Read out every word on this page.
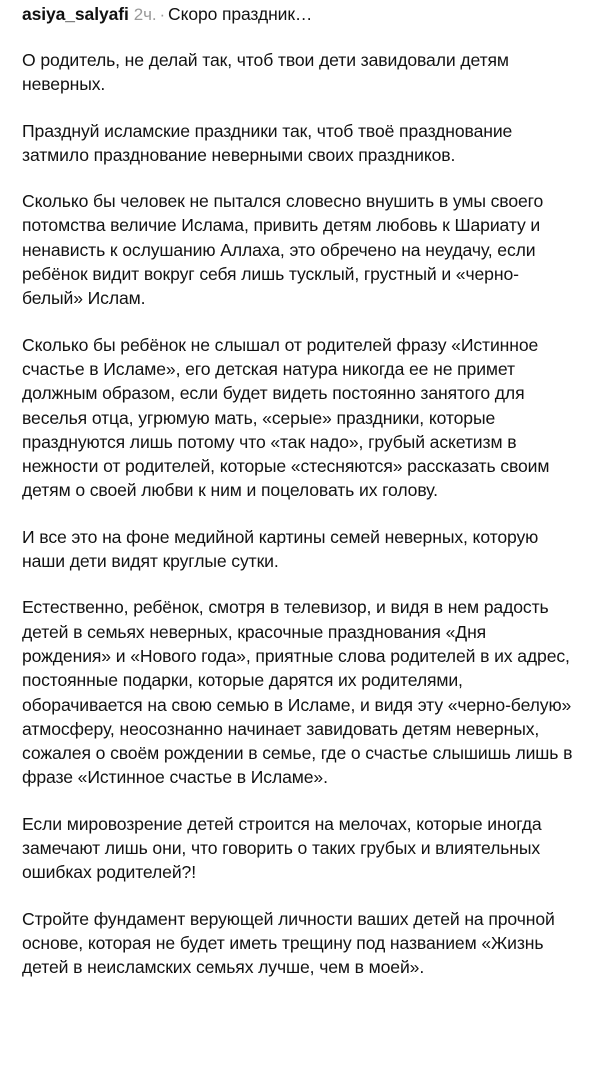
asiya_salyafi 2ч. · Скоро праздник…

О родитель, не делай так, чтоб твои дети завидовали детям неверных.

Празднуй исламские праздники так, чтоб твоё празднование затмило празднование неверными своих праздников.

Сколько бы человек не пытался словесно внушить в умы своего потомства величие Ислама, привить детям любовь к Шариату и ненависть к ослушанию Аллаха, это обречено на неудачу, если ребёнок видит вокруг себя лишь тусклый, грустный и «черно-белый» Ислам.

Сколько бы ребёнок не слышал от родителей фразу «Истинное счастье в Исламе», его детская натура никогда ее не примет должным образом, если будет видеть постоянно занятого для веселья отца, угрюмую мать, «серые» праздники, которые празднуются лишь потому что «так надо», грубый аскетизм в нежности от родителей, которые «стесняются» рассказать своим детям о своей любви к ним и поцеловать их голову.

И все это на фоне медийной картины семей неверных, которую наши дети видят круглые сутки.

Естественно, ребёнок, смотря в телевизор, и видя в нем радость детей в семьях неверных, красочные празднования «Дня рождения» и «Нового года», приятные слова родителей в их адрес, постоянные подарки, которые дарятся их родителями, оборачивается на свою семью в Исламе, и видя эту «черно-белую» атмосферу, неосознанно начинает завидовать детям неверных, сожалея о своём рождении в семье, где о счастье слышишь лишь в фразе «Истинное счастье в Исламе».

Если мировозрение детей строится на мелочах, которые иногда замечают лишь они, что говорить о таких грубых и влиятельных ошибках родителей?!

Стройте фундамент верующей личности ваших детей на прочной основе, которая не будет иметь трещину под названием «Жизнь детей в неисламских семьях лучше, чем в моей».
